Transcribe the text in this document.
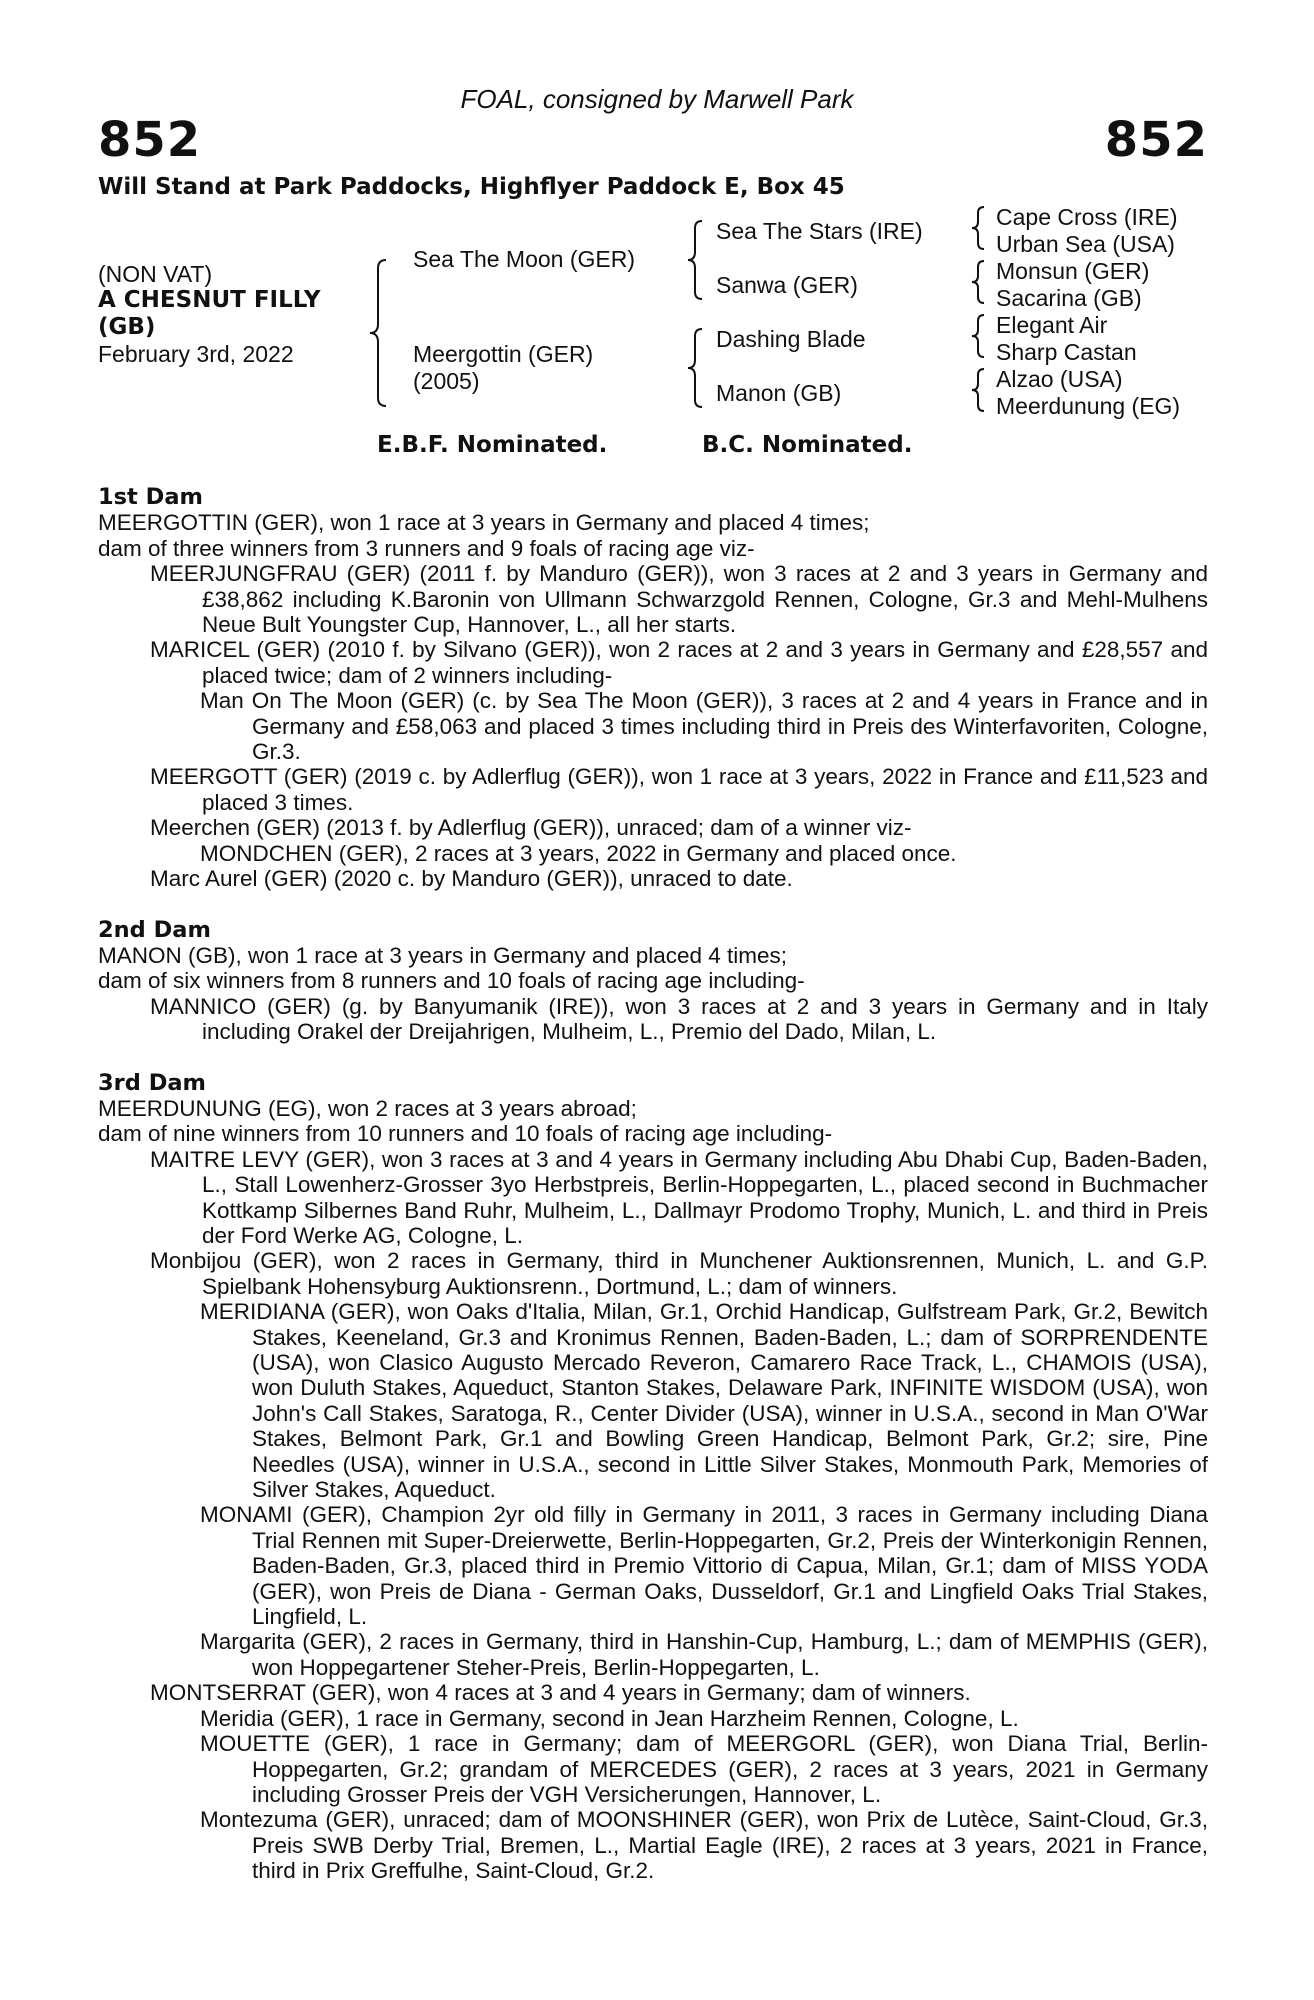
FOAL, consigned by Marwell Park
852	852
Will Stand at Park Paddocks, Highflyer Paddock E, Box 45
(NON VAT)
A CHESNUT FILLY
(GB)
February 3rd, 2022
Sea The Moon (GER)
Meergottin (GER)
(2005)
Sea The Stars (IRE)
Sanwa (GER)
Dashing Blade
Manon (GB)
Cape Cross (IRE)
Urban Sea (USA)
Monsun (GER)
Sacarina (GB)
Elegant Air
Sharp Castan
Alzao (USA)
Meerdunung (EG)
E.B.F. Nominated.	B.C. Nominated.
1st Dam
MEERGOTTIN (GER), won 1 race at 3 years in Germany and placed 4 times;
dam of three winners from 3 runners and 9 foals of racing age viz-
MEERJUNGFRAU (GER) (2011 f. by Manduro (GER)), won 3 races at 2 and 3 years in Germany and £38,862 including K.Baronin von Ullmann Schwarzgold Rennen, Cologne, Gr.3 and Mehl-Mulhens Neue Bult Youngster Cup, Hannover, L., all her starts.
MARICEL (GER) (2010 f. by Silvano (GER)), won 2 races at 2 and 3 years in Germany and £28,557 and placed twice; dam of 2 winners including-
Man On The Moon (GER) (c. by Sea The Moon (GER)), 3 races at 2 and 4 years in France and in Germany and £58,063 and placed 3 times including third in Preis des Winterfavoriten, Cologne, Gr.3.
MEERGOTT (GER) (2019 c. by Adlerflug (GER)), won 1 race at 3 years, 2022 in France and £11,523 and placed 3 times.
Meerchen (GER) (2013 f. by Adlerflug (GER)), unraced; dam of a winner viz-
MONDCHEN (GER), 2 races at 3 years, 2022 in Germany and placed once.
Marc Aurel (GER) (2020 c. by Manduro (GER)), unraced to date.
2nd Dam
MANON (GB), won 1 race at 3 years in Germany and placed 4 times;
dam of six winners from 8 runners and 10 foals of racing age including-
MANNICO (GER) (g. by Banyumanik (IRE)), won 3 races at 2 and 3 years in Germany and in Italy including Orakel der Dreijahrigen, Mulheim, L., Premio del Dado, Milan, L.
3rd Dam
MEERDUNUNG (EG), won 2 races at 3 years abroad;
dam of nine winners from 10 runners and 10 foals of racing age including-
MAITRE LEVY (GER), won 3 races at 3 and 4 years in Germany including Abu Dhabi Cup, Baden-Baden, L., Stall Lowenherz-Grosser 3yo Herbstpreis, Berlin-Hoppegarten, L., placed second in Buchmacher Kottkamp Silbernes Band Ruhr, Mulheim, L., Dallmayr Prodomo Trophy, Munich, L. and third in Preis der Ford Werke AG, Cologne, L.
Monbijou (GER), won 2 races in Germany, third in Munchener Auktionsrennen, Munich, L. and G.P. Spielbank Hohensyburg Auktionsrenn., Dortmund, L.; dam of winners.
MERIDIANA (GER), won Oaks d'Italia, Milan, Gr.1, Orchid Handicap, Gulfstream Park, Gr.2, Bewitch Stakes, Keeneland, Gr.3 and Kronimus Rennen, Baden-Baden, L.; dam of SORPRENDENTE (USA), won Clasico Augusto Mercado Reveron, Camarero Race Track, L., CHAMOIS (USA), won Duluth Stakes, Aqueduct, Stanton Stakes, Delaware Park, INFINITE WISDOM (USA), won John's Call Stakes, Saratoga, R., Center Divider (USA), winner in U.S.A., second in Man O'War Stakes, Belmont Park, Gr.1 and Bowling Green Handicap, Belmont Park, Gr.2; sire, Pine Needles (USA), winner in U.S.A., second in Little Silver Stakes, Monmouth Park, Memories of Silver Stakes, Aqueduct.
MONAMI (GER), Champion 2yr old filly in Germany in 2011, 3 races in Germany including Diana Trial Rennen mit Super-Dreierwette, Berlin-Hoppegarten, Gr.2, Preis der Winterkonigin Rennen, Baden-Baden, Gr.3, placed third in Premio Vittorio di Capua, Milan, Gr.1; dam of MISS YODA (GER), won Preis de Diana - German Oaks, Dusseldorf, Gr.1 and Lingfield Oaks Trial Stakes, Lingfield, L.
Margarita (GER), 2 races in Germany, third in Hanshin-Cup, Hamburg, L.; dam of MEMPHIS (GER), won Hoppegartener Steher-Preis, Berlin-Hoppegarten, L.
MONTSERRAT (GER), won 4 races at 3 and 4 years in Germany; dam of winners.
Meridia (GER), 1 race in Germany, second in Jean Harzheim Rennen, Cologne, L.
MOUETTE (GER), 1 race in Germany; dam of MEERGORL (GER), won Diana Trial, Berlin-Hoppegarten, Gr.2; grandam of MERCEDES (GER), 2 races at 3 years, 2021 in Germany including Grosser Preis der VGH Versicherungen, Hannover, L.
Montezuma (GER), unraced; dam of MOONSHINER (GER), won Prix de Lutèce, Saint-Cloud, Gr.3, Preis SWB Derby Trial, Bremen, L., Martial Eagle (IRE), 2 races at 3 years, 2021 in France, third in Prix Greffulhe, Saint-Cloud, Gr.2.
